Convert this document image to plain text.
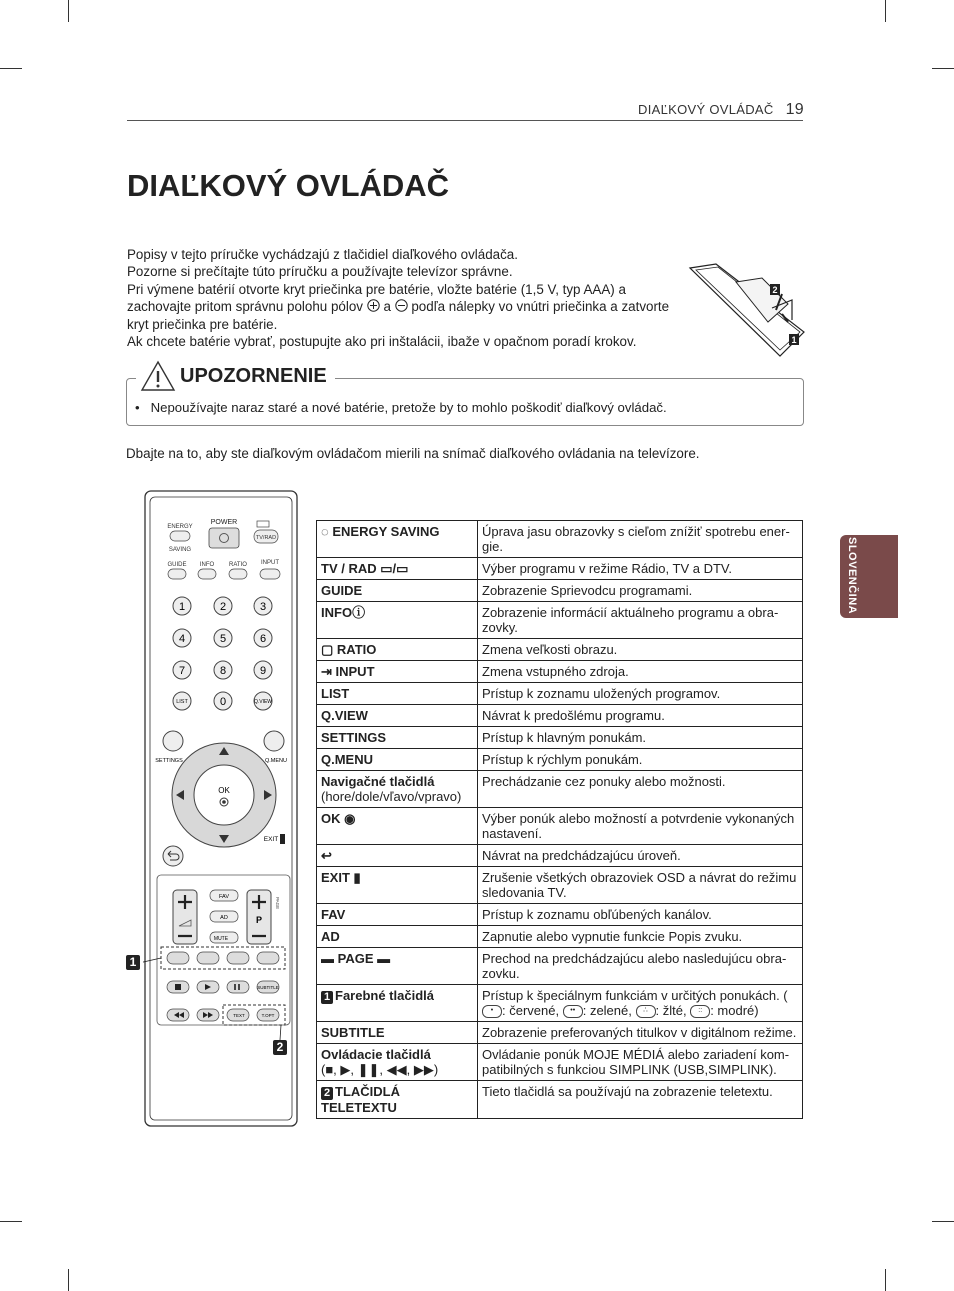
DIAĽKOVÝ OVLÁDAČ 19
DIAĽKOVÝ OVLÁDAČ
SLOVENČINA

Popisy v tejto príručke vychádzajú z tlačidiel diaľkového ovládača.

Pozorne si prečítajte túto príručku a používajte televízor správne.

Pri výmene batérií otvorte kryt priečinka pre batérie, vložte batérie (1,5 V, typ AAA) a zachovajte pritom správnu polohu pólov a podľa nálepky vo vnútri priečinka a zatvorte kryt priečinka pre batérie.

Ak chcete batérie vybrať, postupujte ako pri inštalácii, ibaže v opačnom poradí krokov.

2
1
UPOZORNENIE
•   Nepoužívajte naraz staré a nové batérie, pretože by to mohlo poškodiť diaľkový ovládač.
Dbajte na to, aby ste diaľkovým ovládačom mierili na snímač diaľkového ovládania na televízore.
ENERGY
SAVING
POWER
TV/RAD
GUIDE INFO RATIO INPUT
1	2	3
4	5	6
7	8	9
LIST	0	Q.VIEW
SETTINGS	Q.MENU
OK
EXIT
P
PAGE
FAV
AD
MUTE
SUBTITLE
TEXT	T.OPT
1
2
◌ ENERGY SAVING	Úprava jasu obrazovky s cieľom znížiť spotrebu ener-gie.
TV / RAD ▭/▭	Výber programu v režime Rádio, TV a DTV.
GUIDE	Zobrazenie Sprievodcu programami.
INFOⓘ	Zobrazenie informácií aktuálneho programu a obra-zovky.
▢ RATIO	Zmena veľkosti obrazu.
⇥ INPUT	Zmena vstupného zdroja.
LIST	Prístup k zoznamu uložených programov.
Q.VIEW	Návrat k predošlému programu.
SETTINGS	Prístup k hlavným ponukám.
Q.MENU	Prístup k rýchlym ponukám.
Navigačné tlačidlá
(hore/dole/vľavo/vpravo)	Prechádzanie cez ponuky alebo možnosti.
OK ◉	Výber ponúk alebo možností a potvrdenie vykonaných nastavení.
↩	Návrat na predchádzajúcu úroveň.
EXIT ▮	Zrušenie všetkých obrazoviek OSD a návrat do režimu sledovania TV.
FAV	Prístup k zoznamu obľúbených kanálov.
AD	Zapnutie alebo vypnutie funkcie Popis zvuku.
▬ PAGE ▬	Prechod na predchádzajúcu alebo nasledujúcu obra-zovku.
1 Farebné tlačidlá	Prístup k špeciálnym funkciám v určitých ponukách. (• : červené, •• : zelené, ∴ : žlté, :: : modré)
SUBTITLE	Zobrazenie preferovaných titulkov v digitálnom režime.
Ovládacie tlačidlá
(■, ▶, ❚❚, ◀◀, ▶▶)	Ovládanie ponúk MOJE MÉDIÁ alebo zariadení kom-patibilných s funkciou SIMPLINK (USB,SIMPLINK).
2 TLAČIDLÁ TELETEXTU	Tieto tlačidlá sa používajú na zobrazenie teletextu.
